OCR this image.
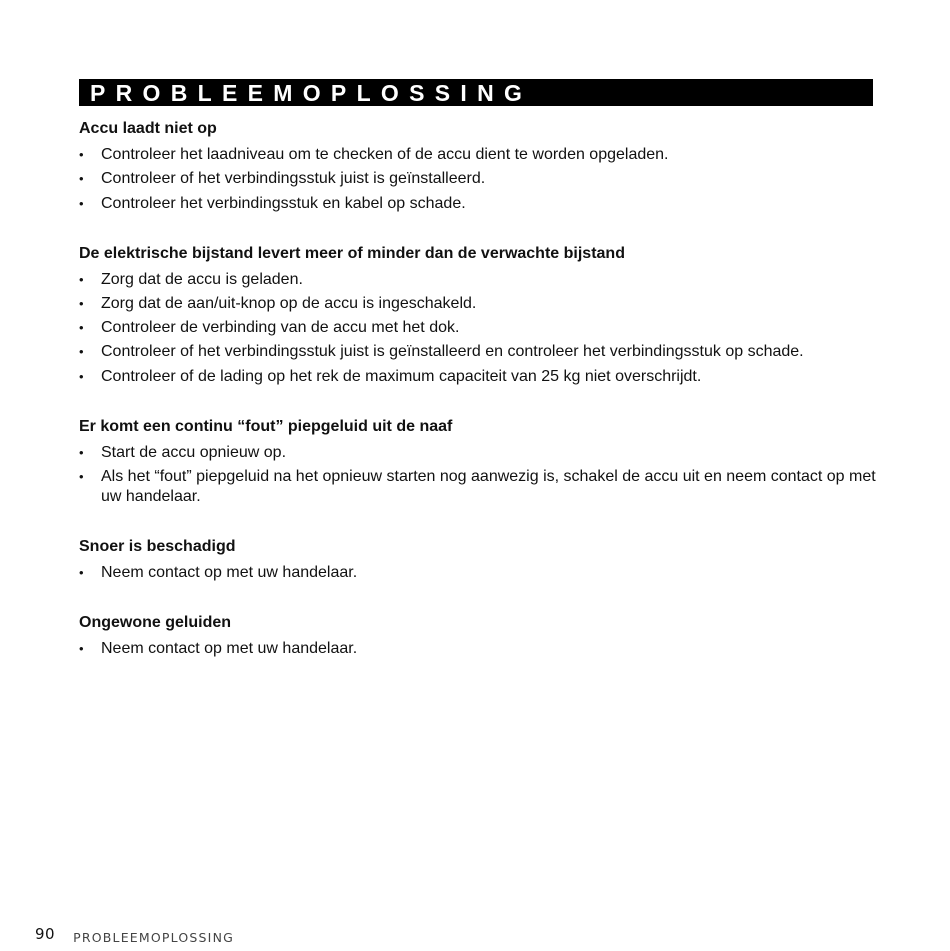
PROBLEEMOPLOSSING
Accu laadt niet op
• Controleer het laadniveau om te checken of de accu dient te worden opgeladen.
• Controleer of het verbindingsstuk juist is geïnstalleerd.
• Controleer het verbindingsstuk en kabel op schade.
De elektrische bijstand levert meer of minder dan de verwachte bijstand
• Zorg dat de accu is geladen.
• Zorg dat de aan/uit-knop op de accu is ingeschakeld.
• Controleer de verbinding van de accu met het dok.
• Controleer of het verbindingsstuk juist is geïnstalleerd en controleer het verbindingsstuk op schade.
• Controleer of de lading op het rek de maximum capaciteit van 25 kg niet overschrijdt.
Er komt een continu “fout” piepgeluid uit de naaf
• Start de accu opnieuw op.
• Als het “fout” piepgeluid na het opnieuw starten nog aanwezig is, schakel de accu uit en neem contact op met uw handelaar.
Snoer is beschadigd
• Neem contact op met uw handelaar.
Ongewone geluiden
• Neem contact op met uw handelaar.
90 PROBLEEMOPLOSSING
